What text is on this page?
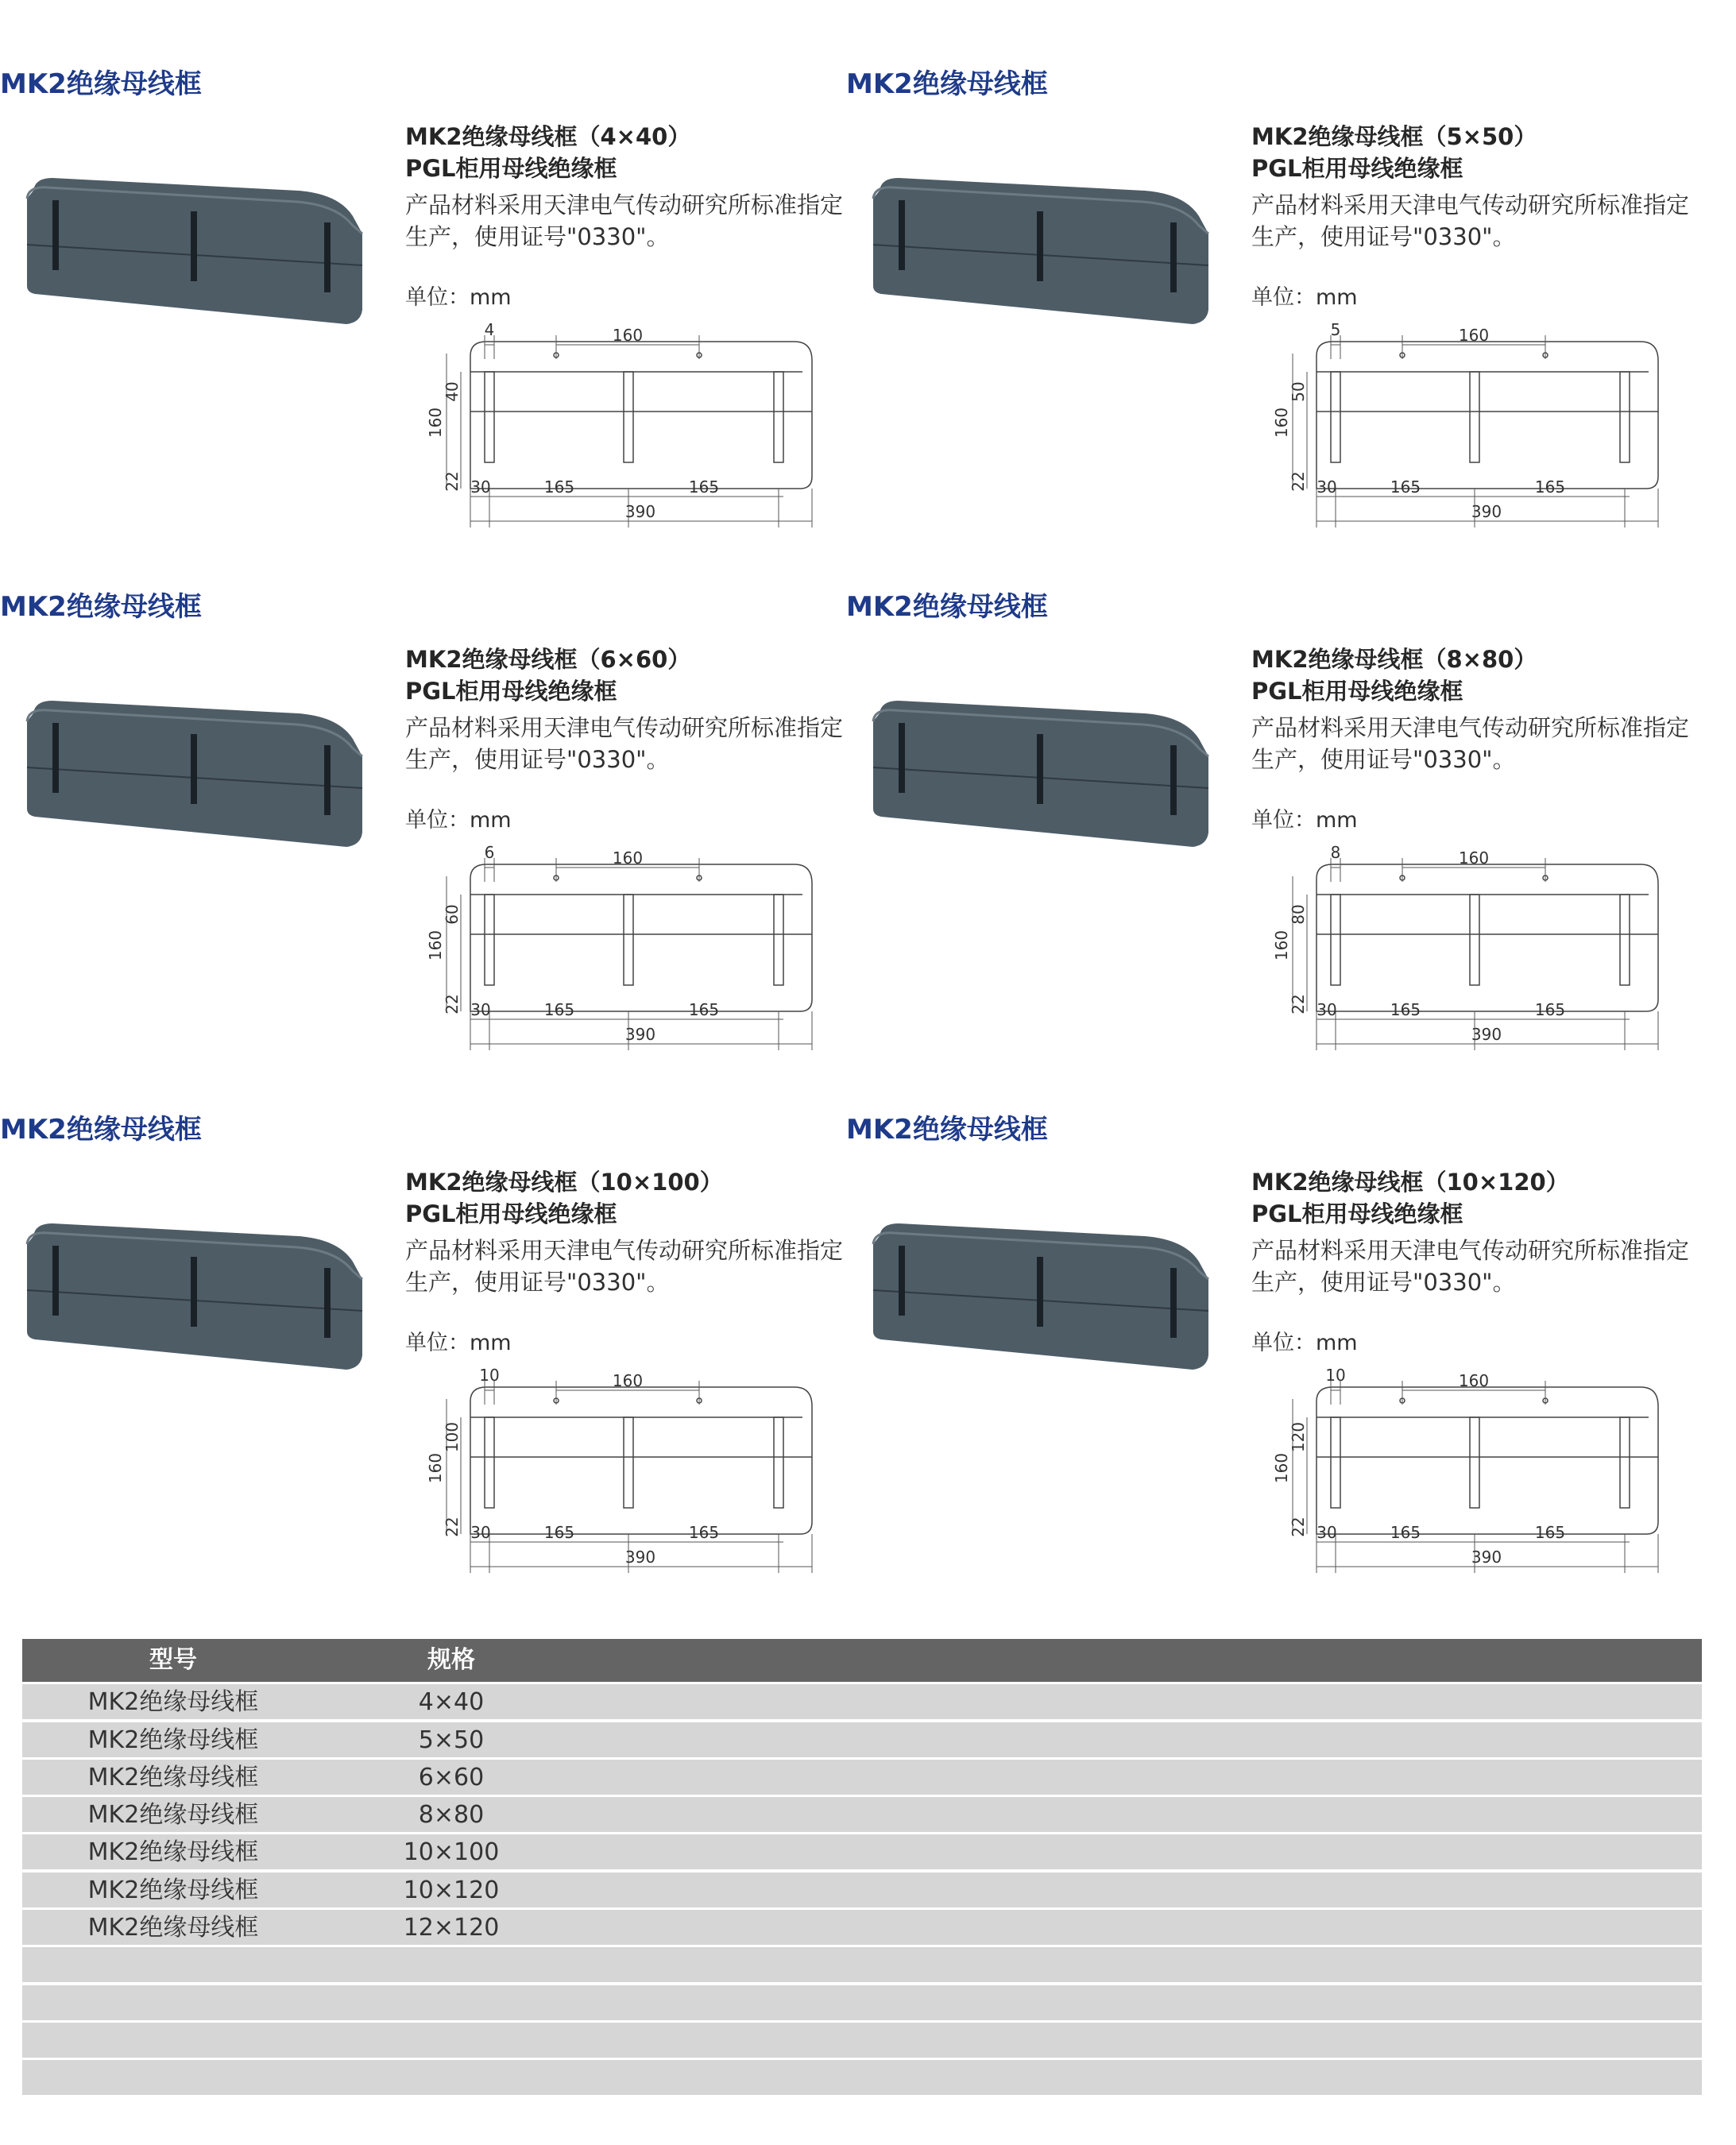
MK2绝缘母线框
MK2绝缘母线框（4×40）
PGL柜用母线绝缘框
产品材料采用天津电气传动研究所标准指定生产，使用证号"0330"。
单位：mm
4	160
30	165	165
390
160
40
22
MK2绝缘母线框
MK2绝缘母线框（5×50）
PGL柜用母线绝缘框
产品材料采用天津电气传动研究所标准指定生产，使用证号"0330"。
单位：mm
5	160
30	165	165
390
160
50
22
MK2绝缘母线框
MK2绝缘母线框（6×60）
PGL柜用母线绝缘框
产品材料采用天津电气传动研究所标准指定生产，使用证号"0330"。
单位：mm
6	160
30	165	165
390
160
60
22
MK2绝缘母线框
MK2绝缘母线框（8×80）
PGL柜用母线绝缘框
产品材料采用天津电气传动研究所标准指定生产，使用证号"0330"。
单位：mm
8	160
30	165	165
390
160
80
22
MK2绝缘母线框
MK2绝缘母线框（10×100）
PGL柜用母线绝缘框
产品材料采用天津电气传动研究所标准指定生产，使用证号"0330"。
单位：mm
10	160
30	165	165
390
160
100
22
MK2绝缘母线框
MK2绝缘母线框（10×120）
PGL柜用母线绝缘框
产品材料采用天津电气传动研究所标准指定生产，使用证号"0330"。
单位：mm
10	160
30	165	165
390
160
120
22
型号	规格
MK2绝缘母线框	4×40
MK2绝缘母线框	5×50
MK2绝缘母线框	6×60
MK2绝缘母线框	8×80
MK2绝缘母线框	10×100
MK2绝缘母线框	10×120
MK2绝缘母线框	12×120
